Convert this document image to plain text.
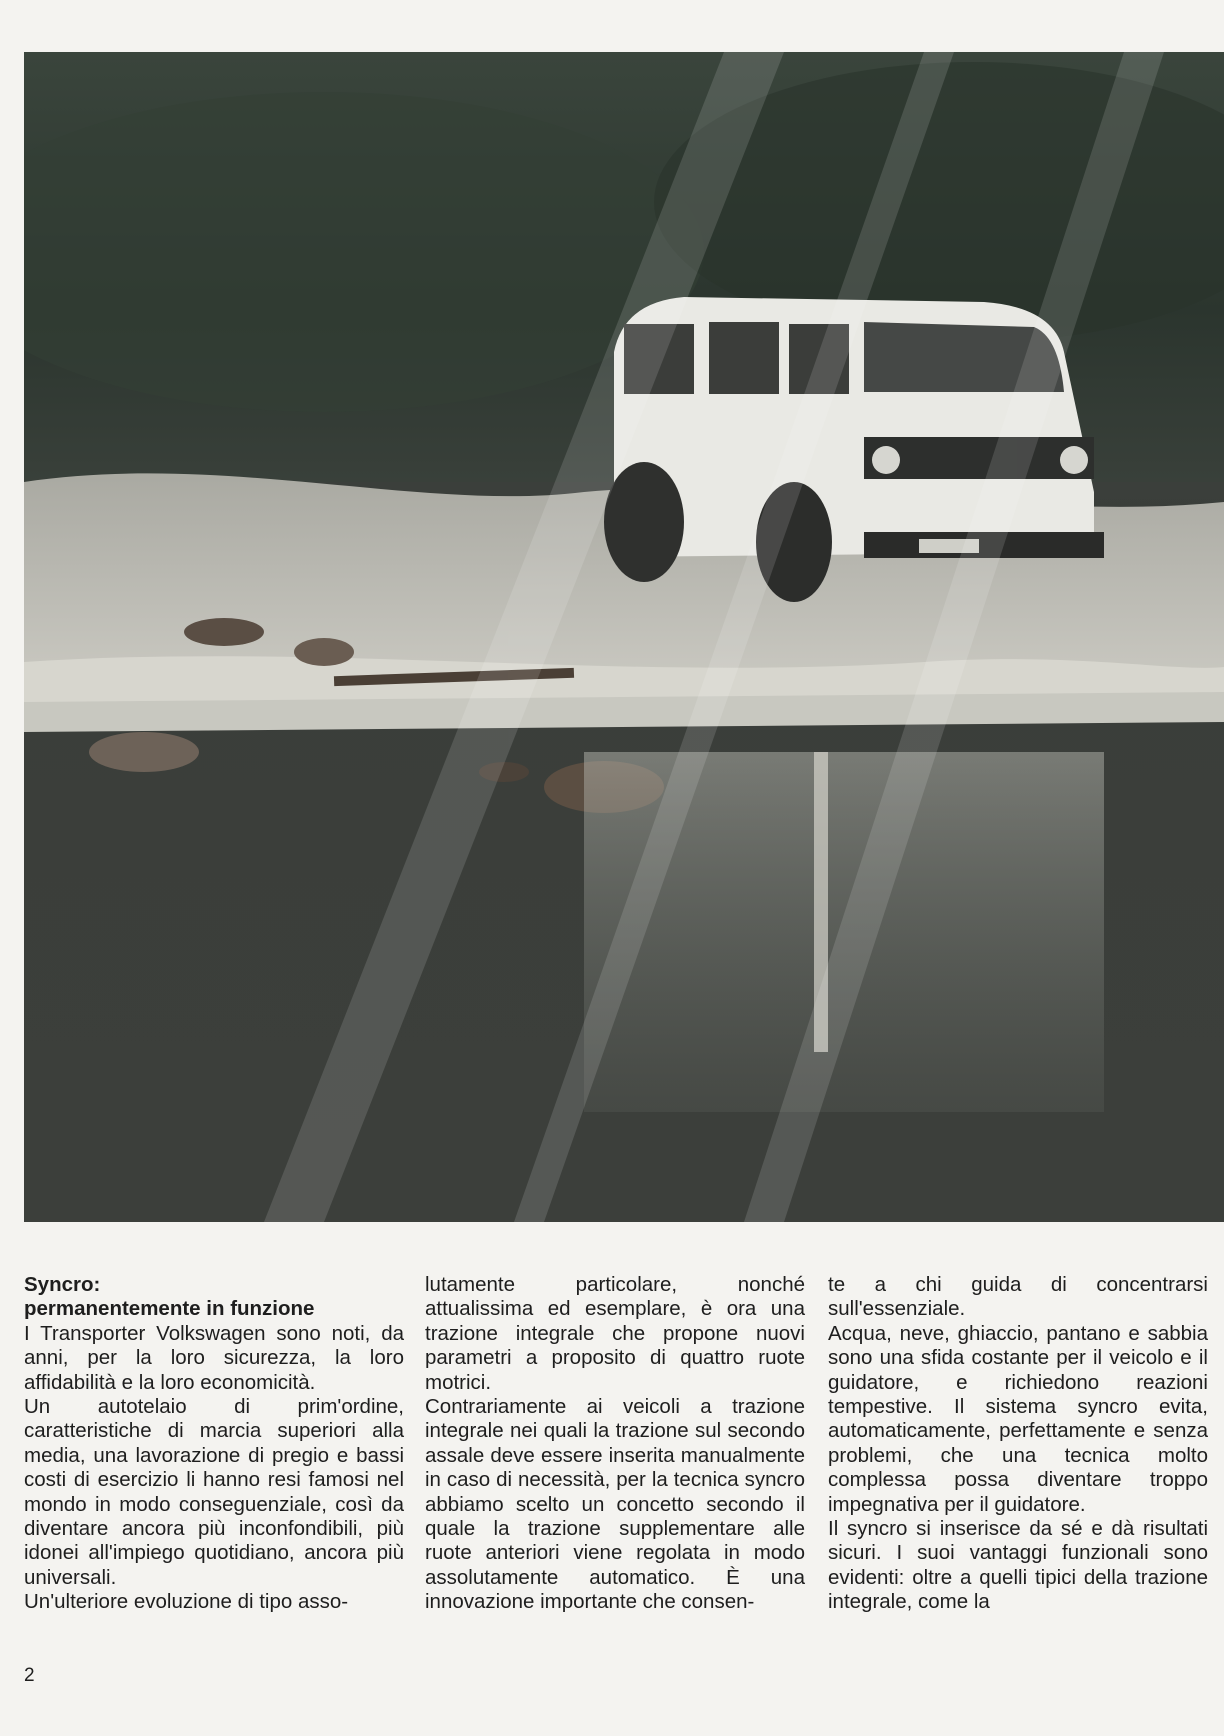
Syncro:
permanentemente in funzione

I Transporter Volkswagen sono noti, da anni, per la loro sicurezza, la loro affidabilità e la loro economicità.

Un autotelaio di prim'ordine, caratteristiche di marcia superiori alla media, una lavorazione di pregio e bassi costi di esercizio li hanno resi famosi nel mondo in modo conseguenziale, così da diventare ancora più inconfondibili, più idonei all'impiego quotidiano, ancora più universali.

Un'ulteriore evoluzione di tipo asso-

lutamente particolare, nonché attualissima ed esemplare, è ora una trazione integrale che propone nuovi parametri a proposito di quattro ruote motrici.

Contrariamente ai veicoli a trazione integrale nei quali la trazione sul secondo assale deve essere inserita manualmente in caso di necessità, per la tecnica syncro abbiamo scelto un concetto secondo il quale la trazione supplementare alle ruote anteriori viene regolata in modo assolutamente automatico. È una innovazione importante che consen-

te a chi guida di concentrarsi sull'essenziale.

Acqua, neve, ghiaccio, pantano e sabbia sono una sfida costante per il veicolo e il guidatore, e richiedono reazioni tempestive. Il sistema syncro evita, automaticamente, perfettamente e senza problemi, che una tecnica molto complessa possa diventare troppo impegnativa per il guidatore.

Il syncro si inserisce da sé e dà risultati sicuri. I suoi vantaggi funzionali sono evidenti: oltre a quelli tipici della trazione integrale, come la

2
